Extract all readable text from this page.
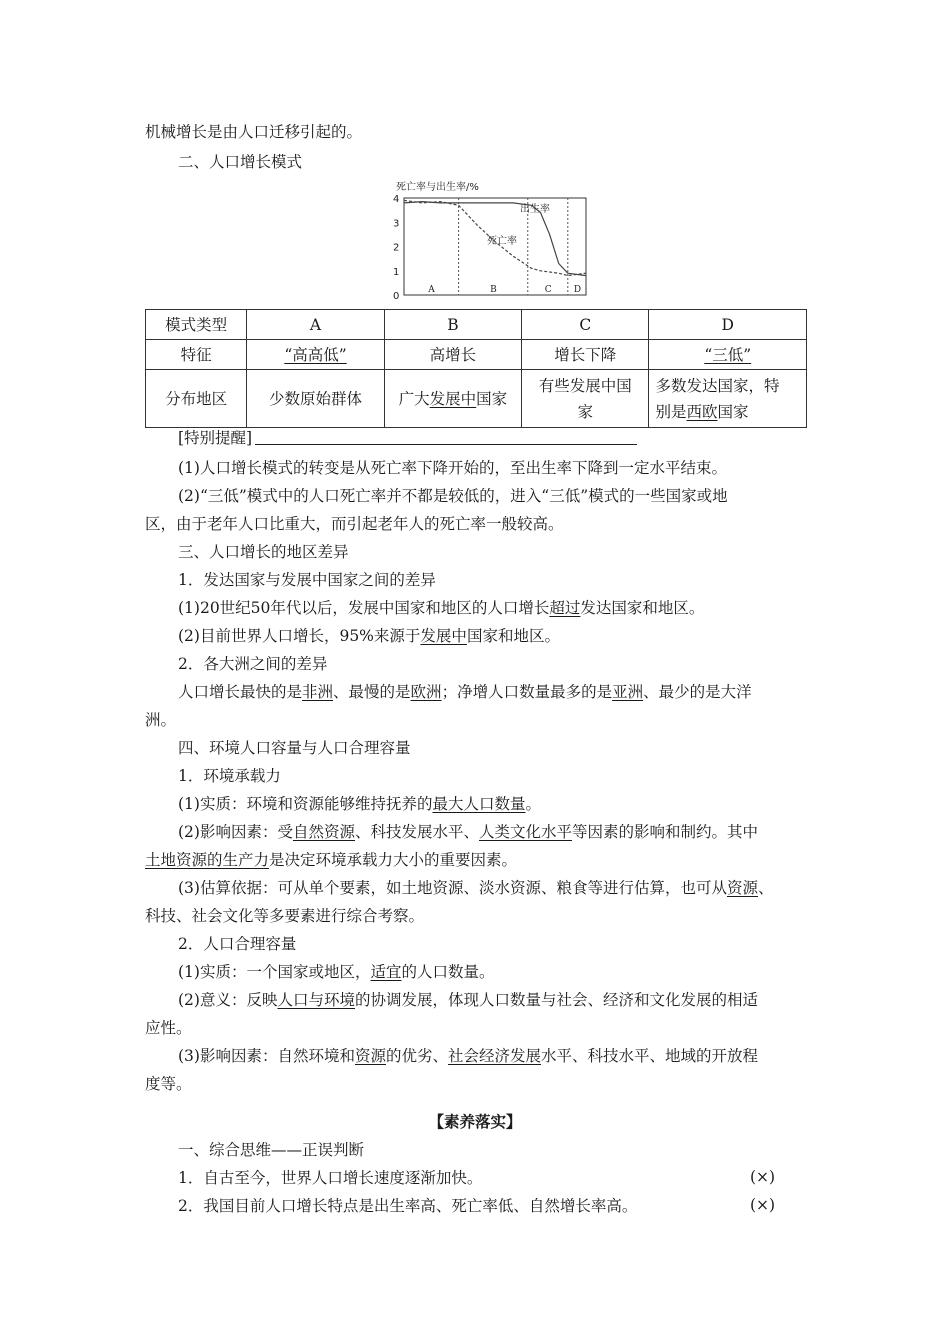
机械增长是由人口迁移引起的。
二、人口增长模式
死亡率与出生率/%
4
3
2
1
0
A	B	C D
出生率
死亡率
模式类型	A	B	C	D
特征	“高高低”	高增长	增长下降	“三低”
分布地区	少数原始群体	广大发展中国家	有些发展中国家	多数发达国家，特
别是西欧国家
[特别提醒]
(1)人口增长模式的转变是从死亡率下降开始的，至出生率下降到一定水平结束。
(2)“三低”模式中的人口死亡率并不都是较低的，进入“三低”模式的一些国家或地
区，由于老年人口比重大，而引起老年人的死亡率一般较高。
三、人口增长的地区差异
1．发达国家与发展中国家之间的差异
(1)20世纪50年代以后，发展中国家和地区的人口增长超过发达国家和地区。
(2)目前世界人口增长，95%来源于发展中国家和地区。
2．各大洲之间的差异
人口增长最快的是非洲、最慢的是欧洲；净增人口数量最多的是亚洲、最少的是大洋
洲。
四、环境人口容量与人口合理容量
1．环境承载力
(1)实质：环境和资源能够维持抚养的最大人口数量。
(2)影响因素：受自然资源、科技发展水平、人类文化水平等因素的影响和制约。其中
土地资源的生产力是决定环境承载力大小的重要因素。
(3)估算依据：可从单个要素，如土地资源、淡水资源、粮食等进行估算，也可从资源、
科技、社会文化等多要素进行综合考察。
2．人口合理容量
(1)实质：一个国家或地区，适宜的人口数量。
(2)意义：反映人口与环境的协调发展，体现人口数量与社会、经济和文化发展的相适
应性。
(3)影响因素：自然环境和资源的优劣、社会经济发展水平、科技水平、地域的开放程
度等。
【素养落实】
一、综合思维——正误判断
1．自古至今，世界人口增长速度逐渐加快。	(×)
2．我国目前人口增长特点是出生率高、死亡率低、自然增长率高。	(×)
